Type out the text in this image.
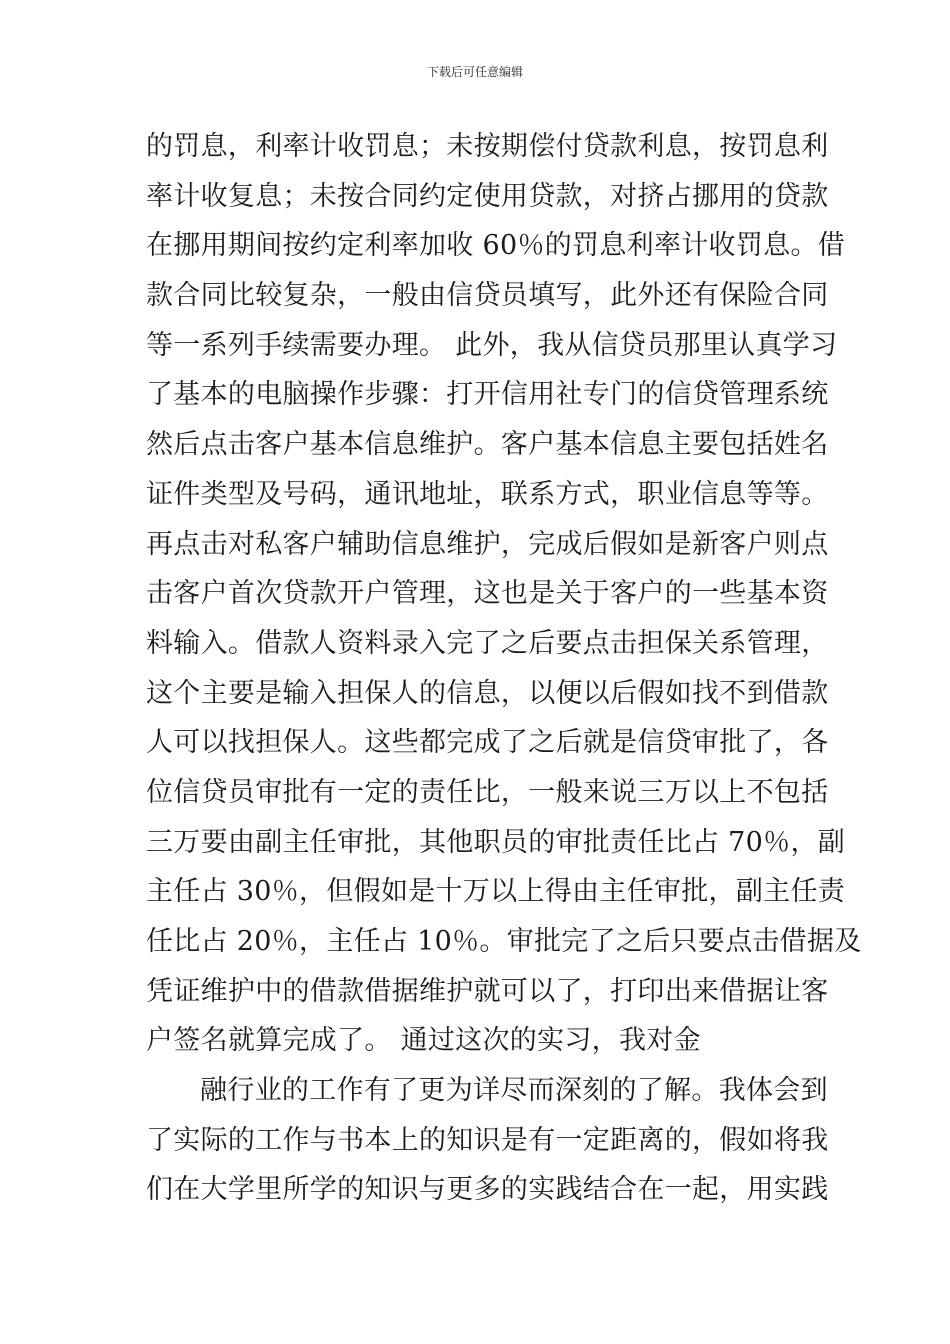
下载后可任意编辑
的罚息，利率计收罚息；未按期偿付贷款利息，按罚息利
率计收复息；未按合同约定使用贷款，对挤占挪用的贷款
在挪用期间按约定利率加收 60％的罚息利率计收罚息。借
款合同比较复杂，一般由信贷员填写，此外还有保险合同
等一系列手续需要办理。 此外，我从信贷员那里认真学习
了基本的电脑操作步骤：打开信用社专门的信贷管理系统
然后点击客户基本信息维护。客户基本信息主要包括姓名
证件类型及号码，通讯地址，联系方式，职业信息等等。
再点击对私客户辅助信息维护，完成后假如是新客户则点
击客户首次贷款开户管理，这也是关于客户的一些基本资
料输入。借款人资料录入完了之后要点击担保关系管理，
这个主要是输入担保人的信息，以便以后假如找不到借款
人可以找担保人。这些都完成了之后就是信贷审批了，各
位信贷员审批有一定的责任比，一般来说三万以上不包括
三万要由副主任审批，其他职员的审批责任比占 70％，副
主任占 30％，但假如是十万以上得由主任审批，副主任责
任比占 20％，主任占 10％。审批完了之后只要点击借据及
凭证维护中的借款借据维护就可以了，打印出来借据让客
户签名就算完成了。 通过这次的实习，我对金
融行业的工作有了更为详尽而深刻的了解。我体会到
了实际的工作与书本上的知识是有一定距离的，假如将我
们在大学里所学的知识与更多的实践结合在一起，用实践
